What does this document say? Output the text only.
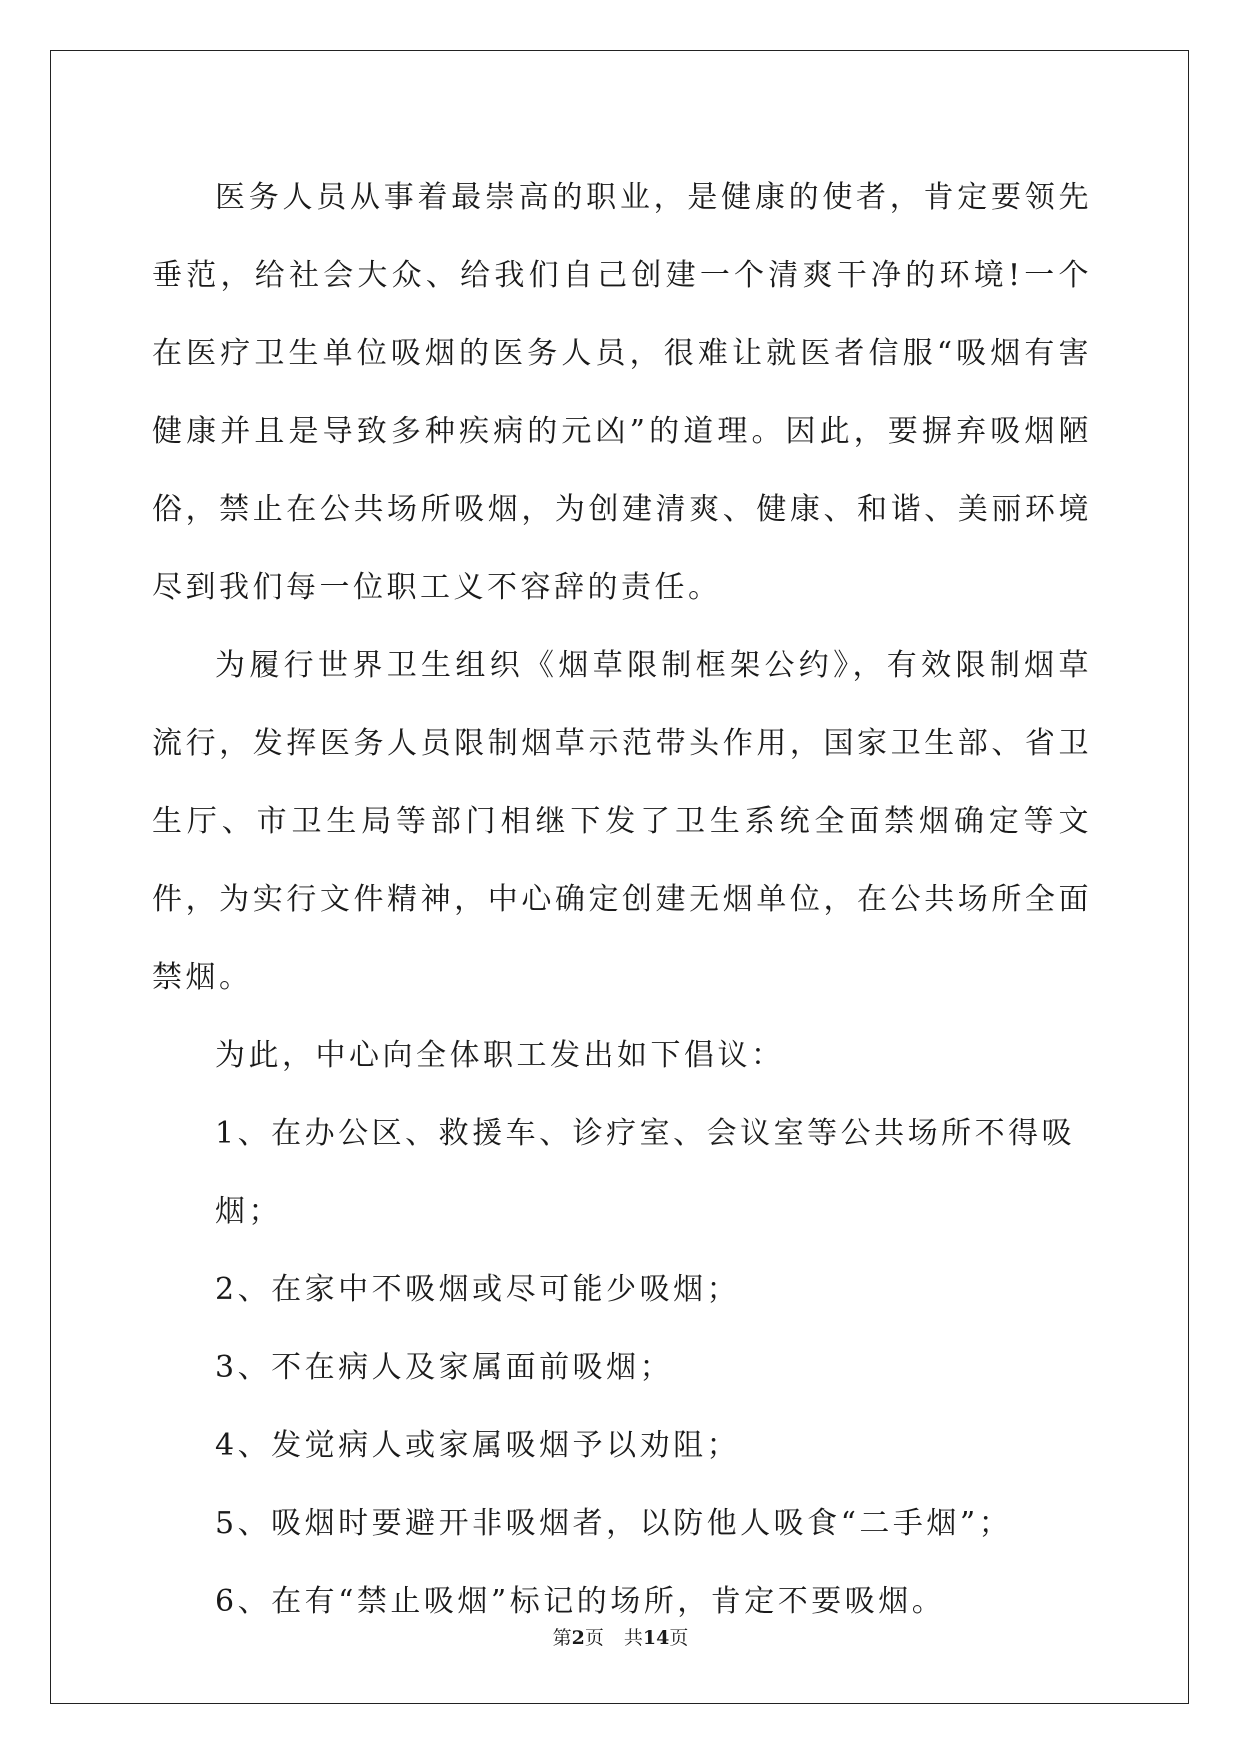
医务人员从事着最崇高的职业，是健康的使者，肯定要领先垂范，给社会大众、给我们自己创建一个清爽干净的环境!一个在医疗卫生单位吸烟的医务人员，很难让就医者信服“吸烟有害健康并且是导致多种疾病的元凶”的道理。因此，要摒弃吸烟陋俗，禁止在公共场所吸烟，为创建清爽、健康、和谐、美丽环境尽到我们每一位职工义不容辞的责任。

为履行世界卫生组织《烟草限制框架公约》，有效限制烟草流行，发挥医务人员限制烟草示范带头作用，国家卫生部、省卫生厅、市卫生局等部门相继下发了卫生系统全面禁烟确定等文件，为实行文件精神，中心确定创建无烟单位，在公共场所全面禁烟。

为此，中心向全体职工发出如下倡议：

1、在办公区、救援车、诊疗室、会议室等公共场所不得吸烟；

2、在家中不吸烟或尽可能少吸烟；

3、不在病人及家属面前吸烟；

4、发觉病人或家属吸烟予以劝阻；

5、吸烟时要避开非吸烟者，以防他人吸食“二手烟”；

6、在有“禁止吸烟”标记的场所，肯定不要吸烟。

第2页 共14页
